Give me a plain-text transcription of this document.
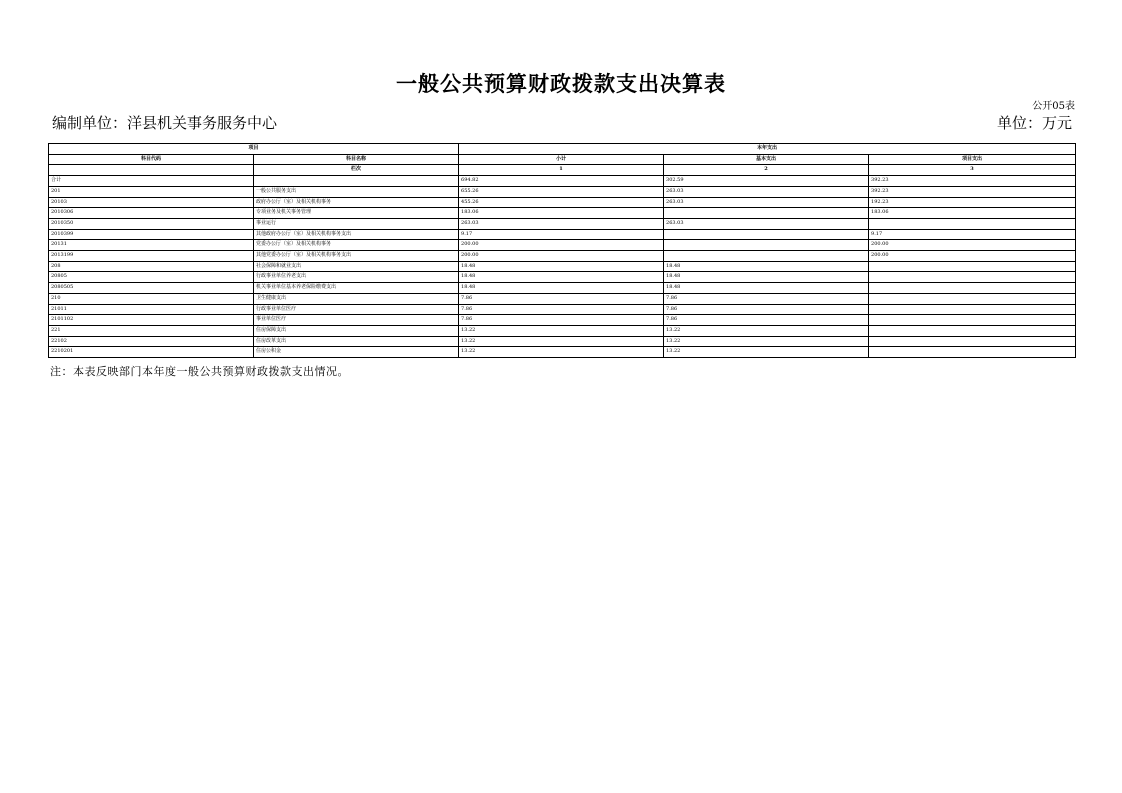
一般公共预算财政拨款支出决算表
公开05表
编制单位：洋县机关事务服务中心	单位：万元
项目		本年支出		
科目代码	科目名称	小计	基本支出	项目支出
	栏次	1	2	3
合计		694.82	302.59	392.23
201	一般公共服务支出	655.26	263.03	392.23
20103	政府办公厅（室）及相关机构事务	455.26	263.03	192.23
2010306	专项业务及机关事务管理	183.06		183.06
2010350	事业运行	263.03	263.03	
2010399	其他政府办公厅（室）及相关机构事务支出	9.17		9.17
20131	党委办公厅（室）及相关机构事务	200.00		200.00
2013199	其他党委办公厅（室）及相关机构事务支出	200.00		200.00
208	社会保障和就业支出	18.48	18.48	
20805	行政事业单位养老支出	18.48	18.48	
2080505	机关事业单位基本养老保险缴费支出	18.48	18.48	
210	卫生健康支出	7.86	7.86	
21011	行政事业单位医疗	7.86	7.86	
2101102	事业单位医疗	7.86	7.86	
221	住房保障支出	13.22	13.22	
22102	住房改革支出	13.22	13.22	
2210201	住房公积金	13.22	13.22	
注：本表反映部门本年度一般公共预算财政拨款支出情况。
